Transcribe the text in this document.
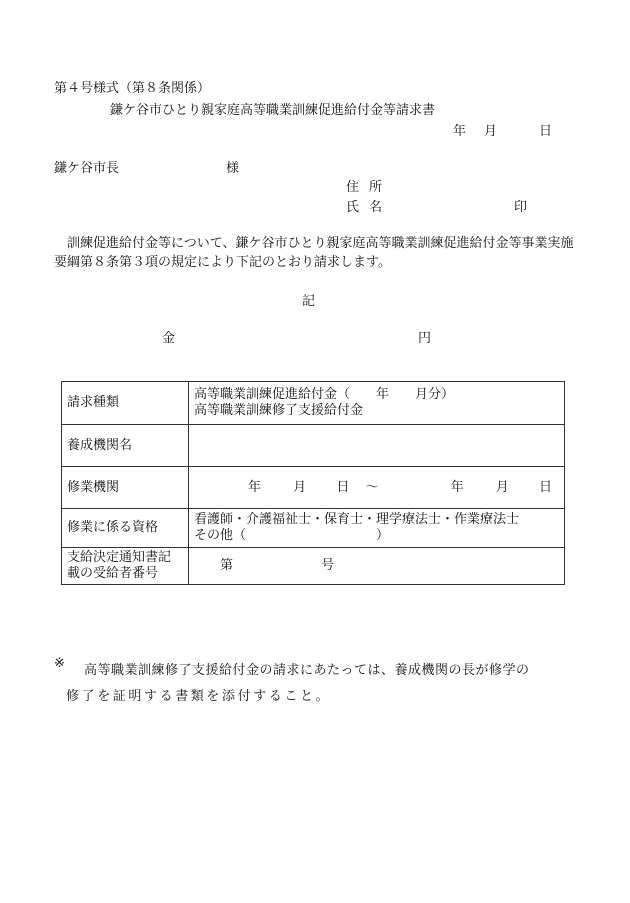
第４号様式（第８条関係）
鎌ケ谷市ひとり親家庭高等職業訓練促進給付金等請求書
年 月	日
鎌ケ谷市長	様
住所
氏名	印
　訓練促進給付金等について、鎌ケ谷市ひとり親家庭高等職業訓練促進給付金等事業実施要綱第８条第３項の規定により下記のとおり請求します。
記
金	円
請求種類	高等職業訓練促進給付金（　　年　　月分）
高等職業訓練修了支援給付金

養成機関名	
修業機関	年 月 日 ～ 年 月 日
修業に係る資格	看護師・介護福祉士・保育士・理学療法士・作業療法士
その他（　　　　　　　　　　）

支給決定通知書記
載の受給者番号	第 号
※ 高等職業訓練修了支援給付金の請求にあたっては、養成機関の長が修学の
修了を証明する書類を添付すること。
